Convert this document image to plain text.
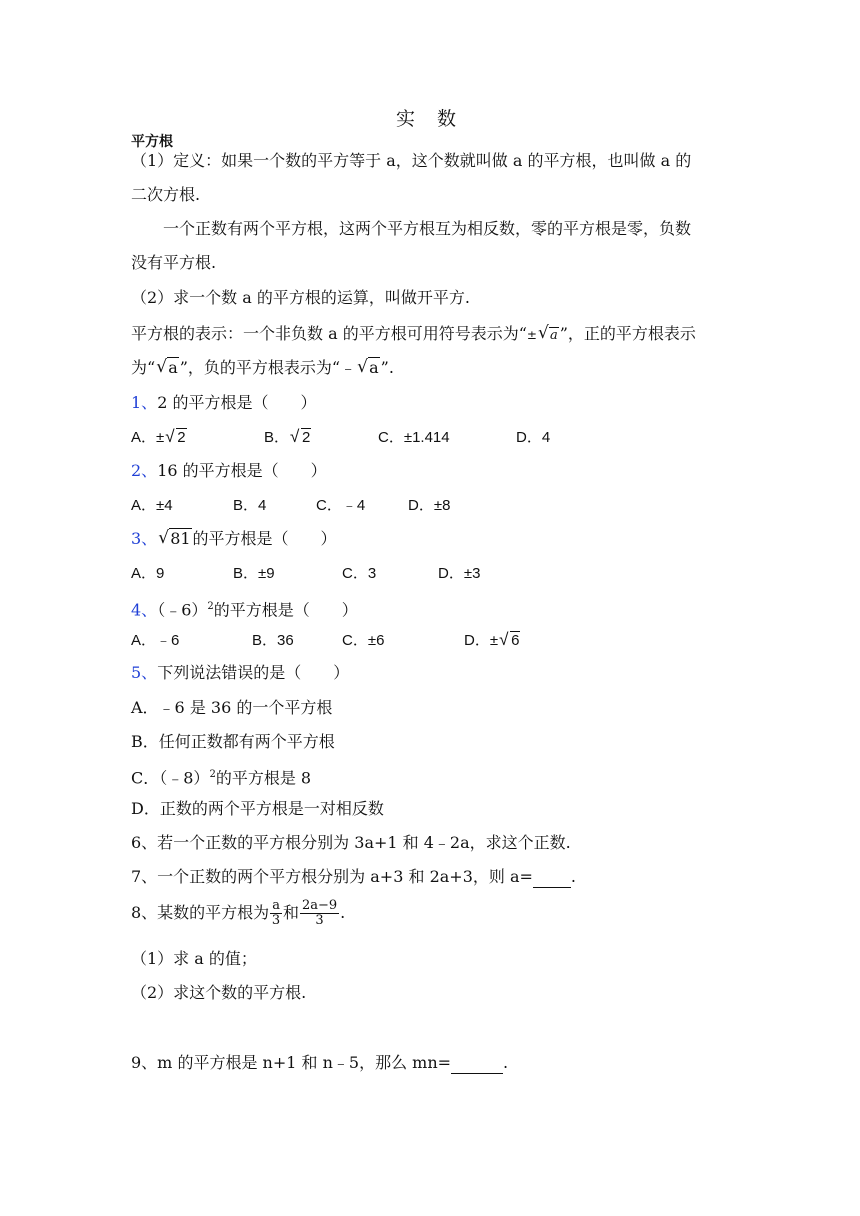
实 数
平方根
（1）定义：如果一个数的平方等于 a，这个数就叫做 a 的平方根，也叫做 a 的
二次方根.
一个正数有两个平方根，这两个平方根互为相反数，零的平方根是零，负数
没有平方根.
（2）求一个数 a 的平方根的运算，叫做开平方.
平方根的表示：一个非负数 a 的平方根可用符号表示为“± √ a ”，正的平方根表示
为“ √ a ”，负的平方根表示为“﹣ √ a ”.
1、2 的平方根是（　　）
A．± √ 2	B． √ 2	C．±1.414	D．4
2、16 的平方根是（　　）
A．±4	B．4	C．﹣4	D．±8
3、 √ 81 的平方根是（　　）
A．9	B．±9	C．3	D．±3
4、（﹣6）$^2$的平方根是（　　）
A．﹣6	B．36	C．±6	D．± √ 6
5、下列说法错误的是（　　）
A．﹣6 是 36 的一个平方根
B．任何正数都有两个平方根
C．（﹣8）$^2$的平方根是 8
D．正数的两个平方根是一对相反数
6、若一个正数的平方根分别为 3a+1 和 4﹣2a，求这个正数.
7、一个正数的两个平方根分别为 a+3 和 2a+3，则 a= .
8、某数的平方根为 $\frac{a}{3}$ 和 $\frac{2a-9}{3}$ .
（1）求 a 的值；
（2）求这个数的平方根.
9、m 的平方根是 n+1 和 n﹣5，那么 mn=	.
